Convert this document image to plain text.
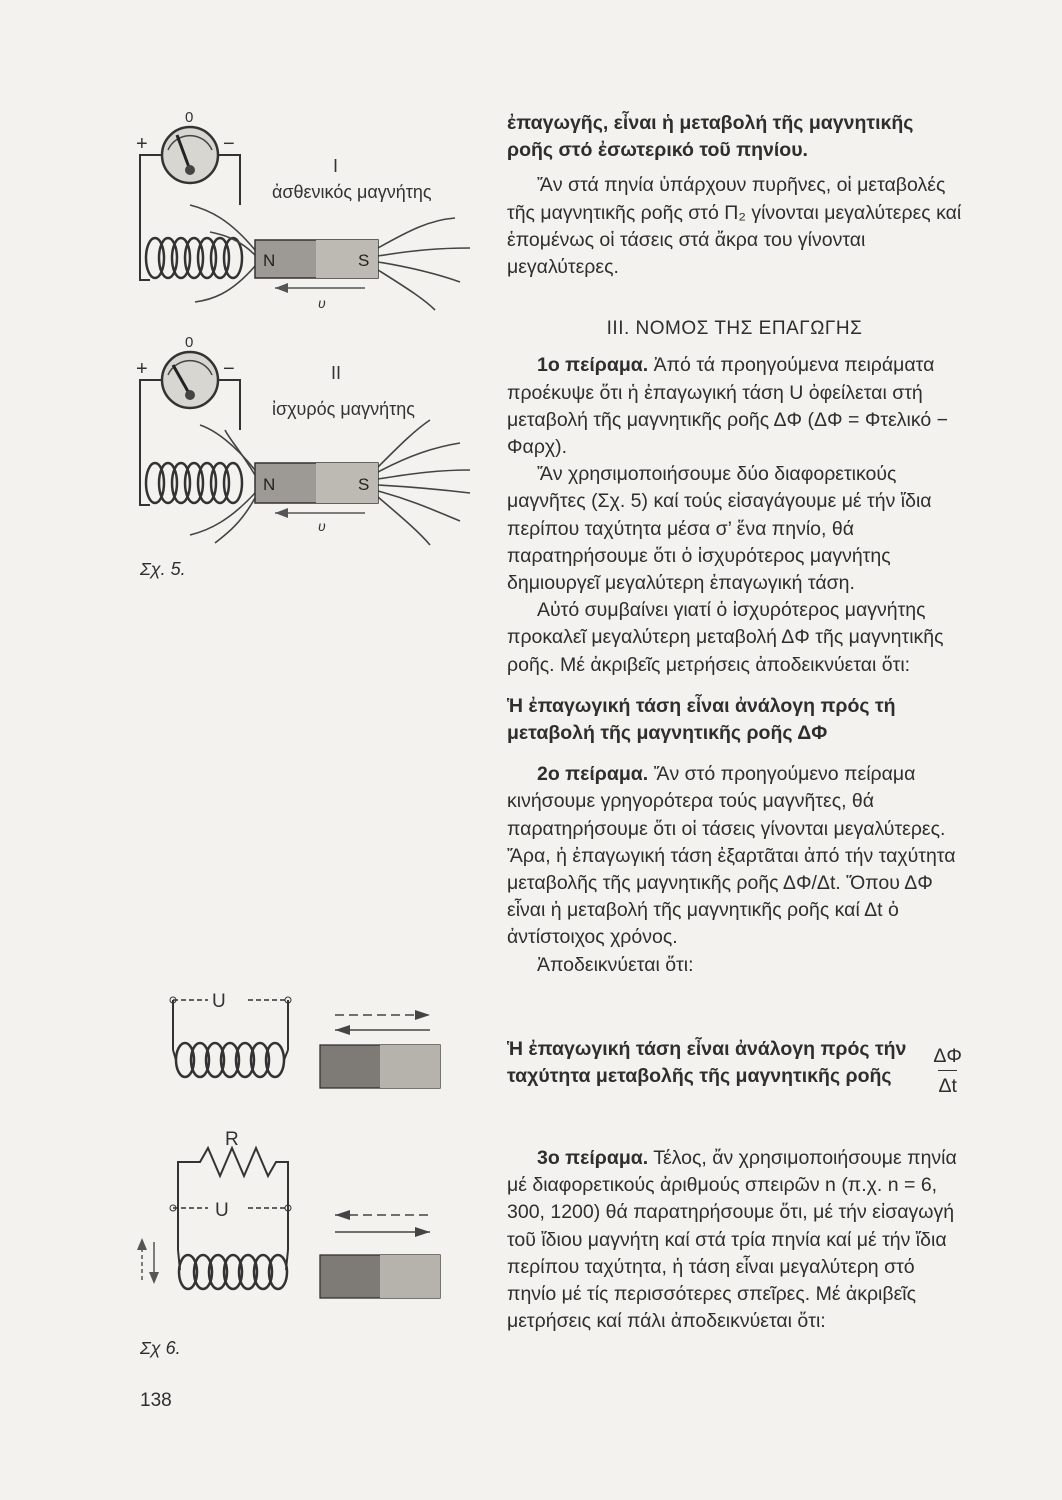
N	S
υ
+	−
0
I
ἀσθενικός μαγνήτης
N	S
υ
+	−
0
II
ἰσχυρός μαγνήτης
Σχ. 5.
U
R
U
Σχ 6.
138

ἐπαγωγῆς, εἶναι ἡ μεταβολή τῆς μαγνητικῆς ροῆς στό ἐσωτερικό τοῦ πηνίου.

Ἄν στά πηνία ὑπάρχουν πυρῆνες, οἱ μεταβολές τῆς μαγνητικῆς ροῆς στό Π₂ γίνονται μεγαλύτερες καί ἑπομένως οἱ τάσεις στά ἄκρα του γίνονται μεγαλύτερες.

III. ΝΟΜΟΣ ΤΗΣ ΕΠΑΓΩΓΗΣ

1ο πείραμα. Ἀπό τά προηγούμενα πειράματα προέκυψε ὅτι ἡ ἐπαγωγική τάση U ὀφείλεται στή μεταβολή τῆς μαγνητικῆς ροῆς ΔΦ (ΔΦ = Φτελικό − Φαρχ).

Ἄν χρησιμοποιήσουμε δύο διαφορετικούς μαγνῆτες (Σχ. 5) καί τούς εἰσαγάγουμε μέ τήν ἴδια περίπου ταχύτητα μέσα σ’ ἕνα πηνίο, θά παρατηρήσουμε ὅτι ὁ ἰσχυρότερος μαγνήτης δημιουργεῖ μεγαλύτερη ἐπαγωγική τάση.

Αὐτό συμβαίνει γιατί ὁ ἰσχυρότερος μαγνήτης προκαλεῖ μεγαλύτερη μεταβολή ΔΦ τῆς μαγνητικῆς ροῆς. Μέ ἀκριβεῖς μετρήσεις ἀποδεικνύεται ὅτι:

Ἡ ἐπαγωγική τάση εἶναι ἀνάλογη πρός τή μεταβολή τῆς μαγνητικῆς ροῆς ΔΦ

2ο πείραμα. Ἄν στό προηγούμενο πείραμα κινήσουμε γρηγορότερα τούς μαγνῆτες, θά παρατηρήσουμε ὅτι οἱ τάσεις γίνονται μεγαλύτερες. Ἄρα, ἡ ἐπαγωγική τάση ἐξαρτᾶται ἀπό τήν ταχύτητα μεταβολῆς τῆς μαγνητικῆς ροῆς ΔΦ/Δt. Ὅπου ΔΦ εἶναι ἡ μεταβολή τῆς μαγνητικῆς ροῆς καί Δt ὁ ἀντίστοιχος χρόνος.

Ἀποδεικνύεται ὅτι:

Ἡ ἐπαγωγική τάση εἶναι ἀνάλογη πρός τήν ταχύτητα μεταβολῆς τῆς μαγνητικῆς ροῆς	$\frac{\Delta\Phi}{\Delta t}$

3ο πείραμα. Τέλος, ἄν χρησιμοποιήσουμε πηνία μέ διαφορετικούς ἀριθμούς σπειρῶν n (π.χ. n = 6, 300, 1200) θά παρατηρήσουμε ὅτι, μέ τήν εἰσαγωγή τοῦ ἴδιου μαγνήτη καί στά τρία πηνία καί μέ τήν ἴδια περίπου ταχύτητα, ἡ τάση εἶναι μεγαλύτερη στό πηνίο μέ τίς περισσότερες σπεῖρες. Μέ ἀκριβεῖς μετρήσεις καί πάλι ἀποδεικνύεται ὅτι:
